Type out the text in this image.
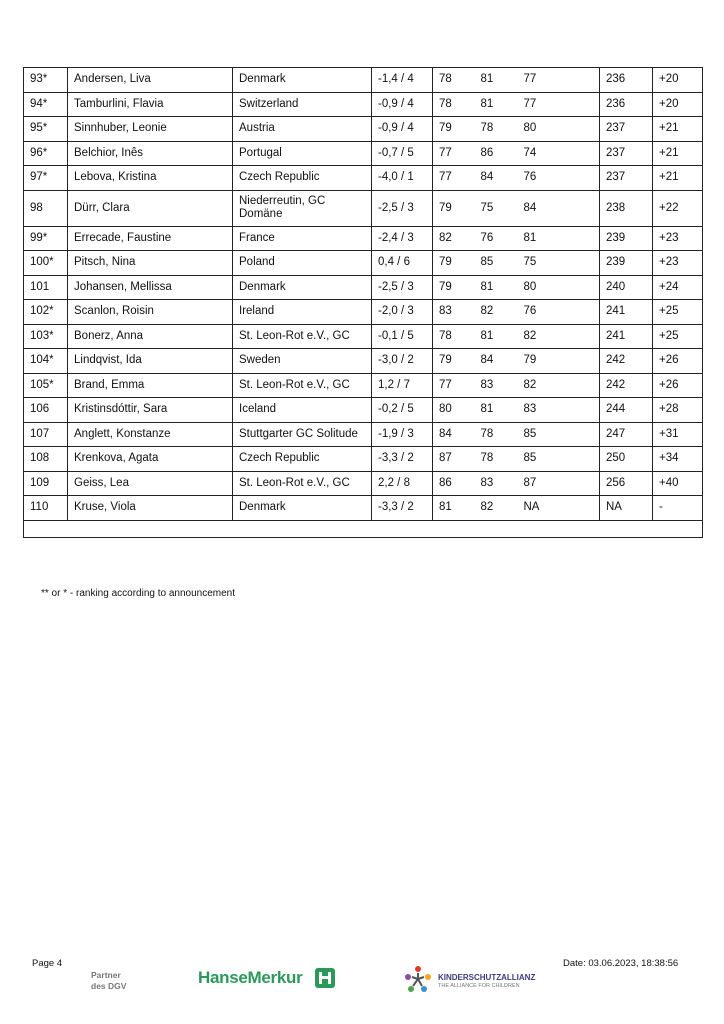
93*	Andersen, Liva	Denmark	-1,4 / 4	78	81	77	236	+20
94*	Tamburlini, Flavia	Switzerland	-0,9 / 4	78	81	77	236	+20
95*	Sinnhuber, Leonie	Austria	-0,9 / 4	79	78	80	237	+21
96*	Belchior, Inês	Portugal	-0,7 / 5	77	86	74	237	+21
97*	Lebova, Kristina	Czech Republic	-4,0 / 1	77	84	76	237	+21
98	Dürr, Clara	Niederreutin, GC Domäne	-2,5 / 3	79	75	84	238	+22
99*	Errecade, Faustine	France	-2,4 / 3	82	76	81	239	+23
100*	Pitsch, Nina	Poland	0,4 / 6	79	85	75	239	+23
101	Johansen, Mellissa	Denmark	-2,5 / 3	79	81	80	240	+24
102*	Scanlon, Roisin	Ireland	-2,0 / 3	83	82	76	241	+25
103*	Bonerz, Anna	St. Leon-Rot e.V., GC	-0,1 / 5	78	81	82	241	+25
104*	Lindqvist, Ida	Sweden	-3,0 / 2	79	84	79	242	+26
105*	Brand, Emma	St. Leon-Rot e.V., GC	1,2 / 7	77	83	82	242	+26
106	Kristinsdóttir, Sara	Iceland	-0,2 / 5	80	81	83	244	+28
107	Anglett, Konstanze	Stuttgarter GC Solitude	-1,9 / 3	84	78	85	247	+31
108	Krenkova, Agata	Czech Republic	-3,3 / 2	87	78	85	250	+34
109	Geiss, Lea	St. Leon-Rot e.V., GC	2,2 / 8	86	83	87	256	+40
110	Kruse, Viola	Denmark	-3,3 / 2	81	82	NA	NA	-

** or * - ranking according to announcement
Page 4	Date: 03.06.2023, 18:38:56
Partner
des DGV	HanseMerkur	KINDERSCHUTZALLIANZ
THE ALLIANCE FOR CHILDREN
